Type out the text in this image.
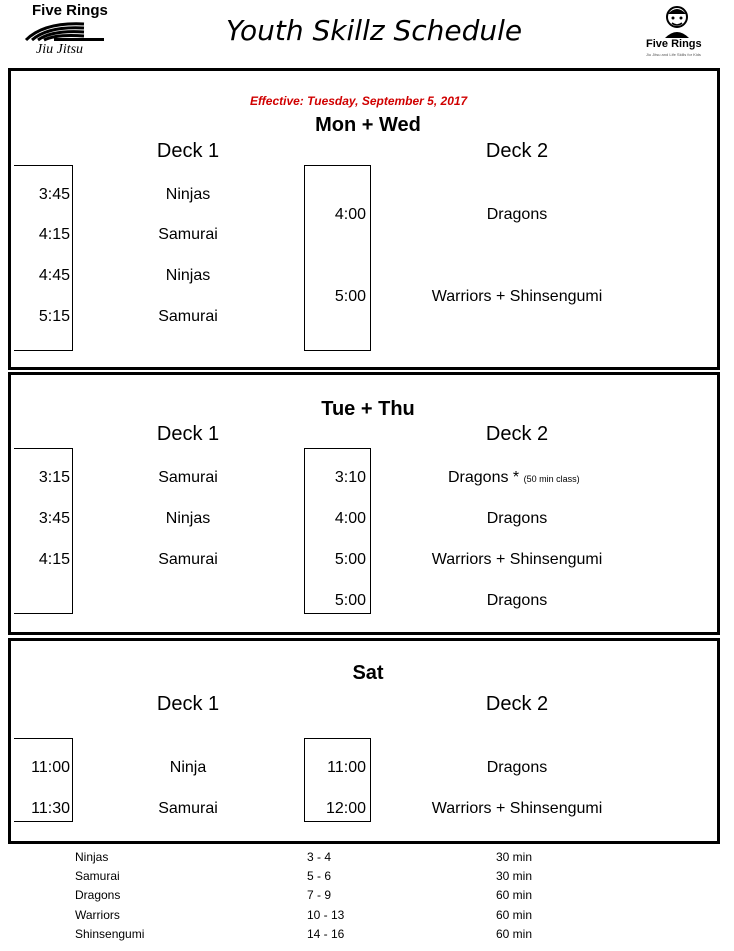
Five Rings
Jiu Jitsu
Youth Skillz Schedule	Five Rings
Jiu Jitsu and Life Skills for Kids
Effective: Tuesday, September 5, 2017
Mon + Wed
Deck 1	Deck 2
3:45	Ninjas
4:15	Samurai
4:45	Ninjas
5:15	Samurai
4:00	Dragons
5:00	Warriors + Shinsengumi
Tue + Thu
Deck 1	Deck 2
3:15	Samurai
3:45	Ninjas
4:15	Samurai
3:10	Dragons * (50 min class)
4:00	Dragons
5:00	Warriors + Shinsengumi
5:00	Dragons
Sat
Deck 1	Deck 2
11:00	Ninja
11:30	Samurai
11:00	Dragons
12:00	Warriors + Shinsengumi
Ninjas	3 - 4	30 min
Samurai	5 - 6	30 min
Dragons	7 - 9	60 min
Warriors	10 - 13	60 min
Shinsengumi	14 - 16	60 min
